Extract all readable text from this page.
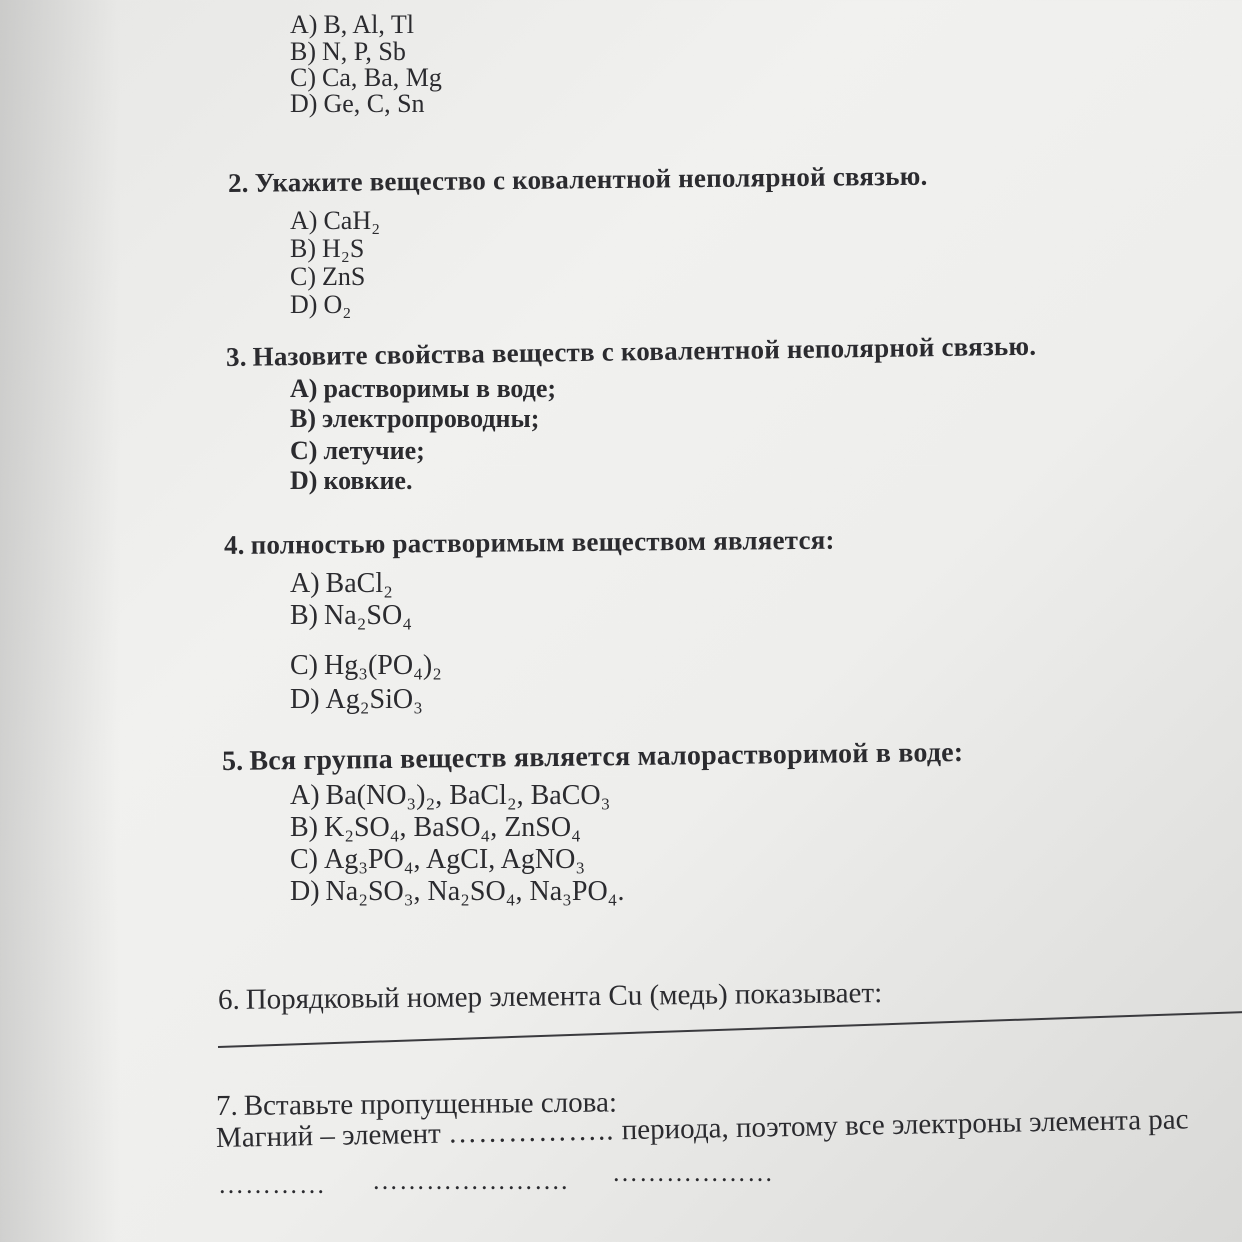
A) B, Al, Tl
B) N, P, Sb
C) Ca, Ba, Mg
D) Ge, C, Sn
2. Укажите вещество с ковалентной неполярной связью.
A) CaH₂
B) H₂S
C) ZnS
D) O₂
3. Назовите свойства веществ с ковалентной неполярной связью.
A) растворимы в воде;
B) электропроводны;
C) летучие;
D) ковкие.
4. полностью растворимым веществом является:
A) BaCl₂
B) Na₂SO₄
C) Hg₃(PO₄)₂
D) Ag₂SiO₃
5. Вся группа веществ является малорастворимой в воде:
A) Ba(NO₃)₂, BaCl₂, BaCO₃
B) K₂SO₄, BaSO₄, ZnSO₄
C) Ag₃PO₄, AgCI, AgNO₃
D) Na₂SO₃, Na₂SO₄, Na₃PO₄.
6. Порядковый номер элемента Cu (медь) показывает:
7. Вставьте пропущенные слова:
Магний – элемент …………….. периода, поэтому все электроны элемента рас
………… …………………. ………………
